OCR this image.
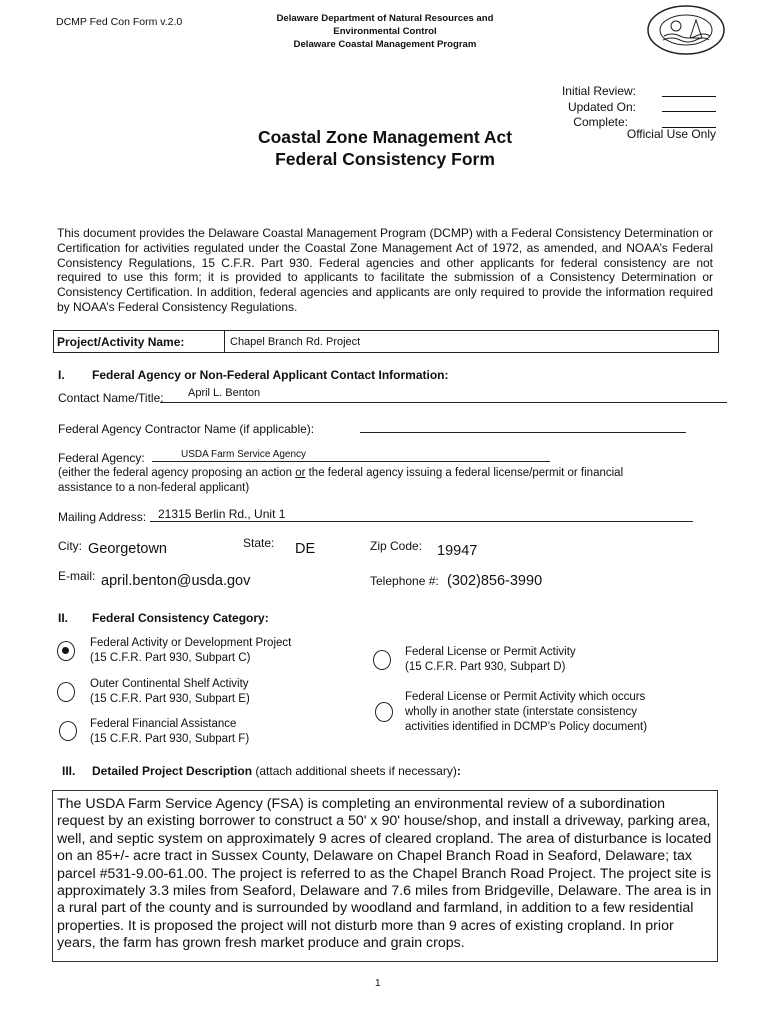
DCMP Fed Con Form v.2.0	Delaware Department of Natural Resources and
Environmental Control
Delaware Coastal Management Program
Initial Review:
Updated On:
Complete:
Official Use Only
Coastal Zone Management Act
Federal Consistency Form
This document provides the Delaware Coastal Management Program (DCMP) with a Federal Consistency Determination or Certification for activities regulated under the Coastal Zone Management Act of 1972, as amended, and NOAA’s Federal Consistency Regulations, 15 C.F.R. Part 930. Federal agencies and other applicants for federal consistency are not required to use this form; it is provided to applicants to facilitate the submission of a Consistency Determination or Consistency Certification. In addition, federal agencies and applicants are only required to provide the information required by NOAA’s Federal Consistency Regulations.
Project/Activity Name:	Chapel Branch Rd. Project
I. Federal Agency or Non-Federal Applicant Contact Information:
Contact Name/Title: April L. Benton
Federal Agency Contractor Name (if applicable):
Federal Agency:	USDA Farm Service Agency
(either the federal agency proposing an action or the federal agency issuing a federal license/permit or financial
assistance to a non-federal applicant)
Mailing Address: 21315 Berlin Rd., Unit 1
City: Georgetown	State: DE	Zip Code: 19947
E-mail: april.benton@usda.gov	Telephone #: (302)856-3990
II. Federal Consistency Category:
Federal Activity or Development Project
(15 C.F.R. Part 930, Subpart C)
Outer Continental Shelf Activity
(15 C.F.R. Part 930, Subpart E)
Federal Financial Assistance
(15 C.F.R. Part 930, Subpart F)
Federal License or Permit Activity
(15 C.F.R. Part 930, Subpart D)
Federal License or Permit Activity which occurs
wholly in another state (interstate consistency
activities identified in DCMP’s Policy document)
III. Detailed Project Description (attach additional sheets if necessary):
The USDA Farm Service Agency (FSA) is completing an environmental review of a subordination request by an existing borrower to construct a 50' x 90' house/shop, and install a driveway, parking area, well, and septic system on approximately 9 acres of cleared cropland. The area of disturbance is located on an 85+/- acre tract in Sussex County, Delaware on Chapel Branch Road in Seaford, Delaware; tax parcel #531-9.00-61.00. The project is referred to as the Chapel Branch Road Project. The project site is approximately 3.3 miles from Seaford, Delaware and 7.6 miles from Bridgeville, Delaware. The area is in a rural part of the county and is surrounded by woodland and farmland, in addition to a few residential properties. It is proposed the project will not disturb more than 9 acres of existing cropland. In prior years, the farm has grown fresh market produce and grain crops.
1
